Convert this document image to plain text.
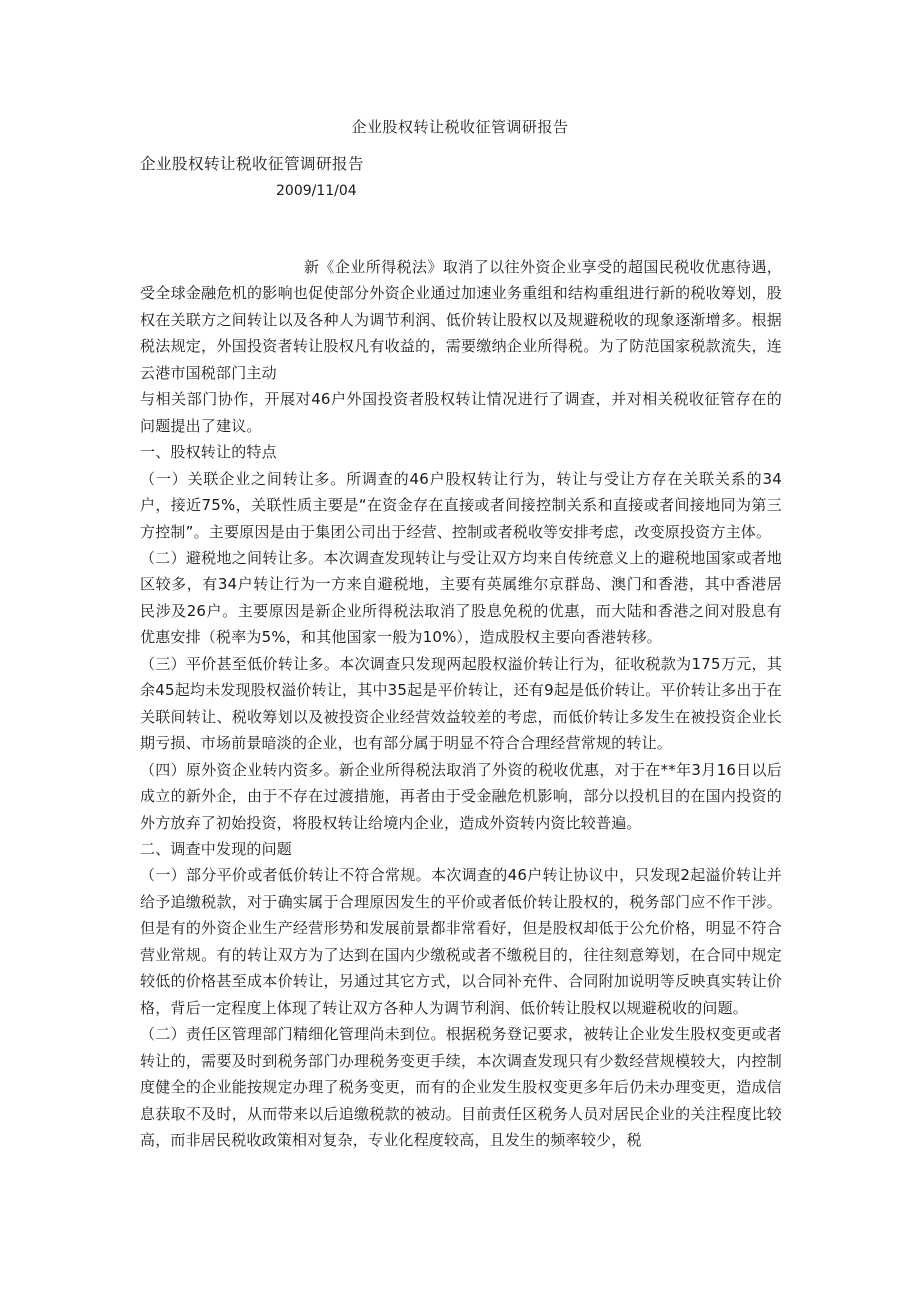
企业股权转让税收征管调研报告
企业股权转让税收征管调研报告
2009/11/04

新《企业所得税法》取消了以往外资企业享受的超国民税收优惠待遇，受全球金融危机的影响也促使部分外资企业通过加速业务重组和结构重组进行新的税收筹划，股权在关联方之间转让以及各种人为调节利润、低价转让股权以及规避税收的现象逐渐增多。根据税法规定，外国投资者转让股权凡有收益的，需要缴纳企业所得税。为了防范国家税款流失，连云港市国税部门主动

与相关部门协作，开展对46户外国投资者股权转让情况进行了调查，并对相关税收征管存在的问题提出了建议。

一、股权转让的特点

（一）关联企业之间转让多。所调查的46户股权转让行为，转让与受让方存在关联关系的34户，接近75%，关联性质主要是“在资金存在直接或者间接控制关系和直接或者间接地同为第三方控制”。主要原因是由于集团公司出于经营、控制或者税收等安排考虑，改变原投资方主体。

（二）避税地之间转让多。本次调查发现转让与受让双方均来自传统意义上的避税地国家或者地区较多，有34户转让行为一方来自避税地，主要有英属维尔京群岛、澳门和香港，其中香港居民涉及26户。主要原因是新企业所得税法取消了股息免税的优惠，而大陆和香港之间对股息有优惠安排（税率为5%，和其他国家一般为10%），造成股权主要向香港转移。

（三）平价甚至低价转让多。本次调查只发现两起股权溢价转让行为，征收税款为175万元，其余45起均未发现股权溢价转让，其中35起是平价转让，还有9起是低价转让。平价转让多出于在关联间转让、税收筹划以及被投资企业经营效益较差的考虑，而低价转让多发生在被投资企业长期亏损、市场前景暗淡的企业，也有部分属于明显不符合合理经营常规的转让。

（四）原外资企业转内资多。新企业所得税法取消了外资的税收优惠，对于在**年3月16日以后成立的新外企，由于不存在过渡措施，再者由于受金融危机影响，部分以投机目的在国内投资的外方放弃了初始投资，将股权转让给境内企业，造成外资转内资比较普遍。

二、调查中发现的问题

（一）部分平价或者低价转让不符合常规。本次调查的46户转让协议中，只发现2起溢价转让并给予追缴税款，对于确实属于合理原因发生的平价或者低价转让股权的，税务部门应不作干涉。但是有的外资企业生产经营形势和发展前景都非常看好，但是股权却低于公允价格，明显不符合营业常规。有的转让双方为了达到在国内少缴税或者不缴税目的，往往刻意筹划，在合同中规定较低的价格甚至成本价转让，另通过其它方式，以合同补充件、合同附加说明等反映真实转让价格，背后一定程度上体现了转让双方各种人为调节利润、低价转让股权以规避税收的问题。

（二）责任区管理部门精细化管理尚未到位。根据税务登记要求，被转让企业发生股权变更或者转让的，需要及时到税务部门办理税务变更手续，本次调查发现只有少数经营规模较大，内控制度健全的企业能按规定办理了税务变更，而有的企业发生股权变更多年后仍未办理变更，造成信息获取不及时，从而带来以后追缴税款的被动。目前责任区税务人员对居民企业的关注程度比较高，而非居民税收政策相对复杂，专业化程度较高，且发生的频率较少，税
